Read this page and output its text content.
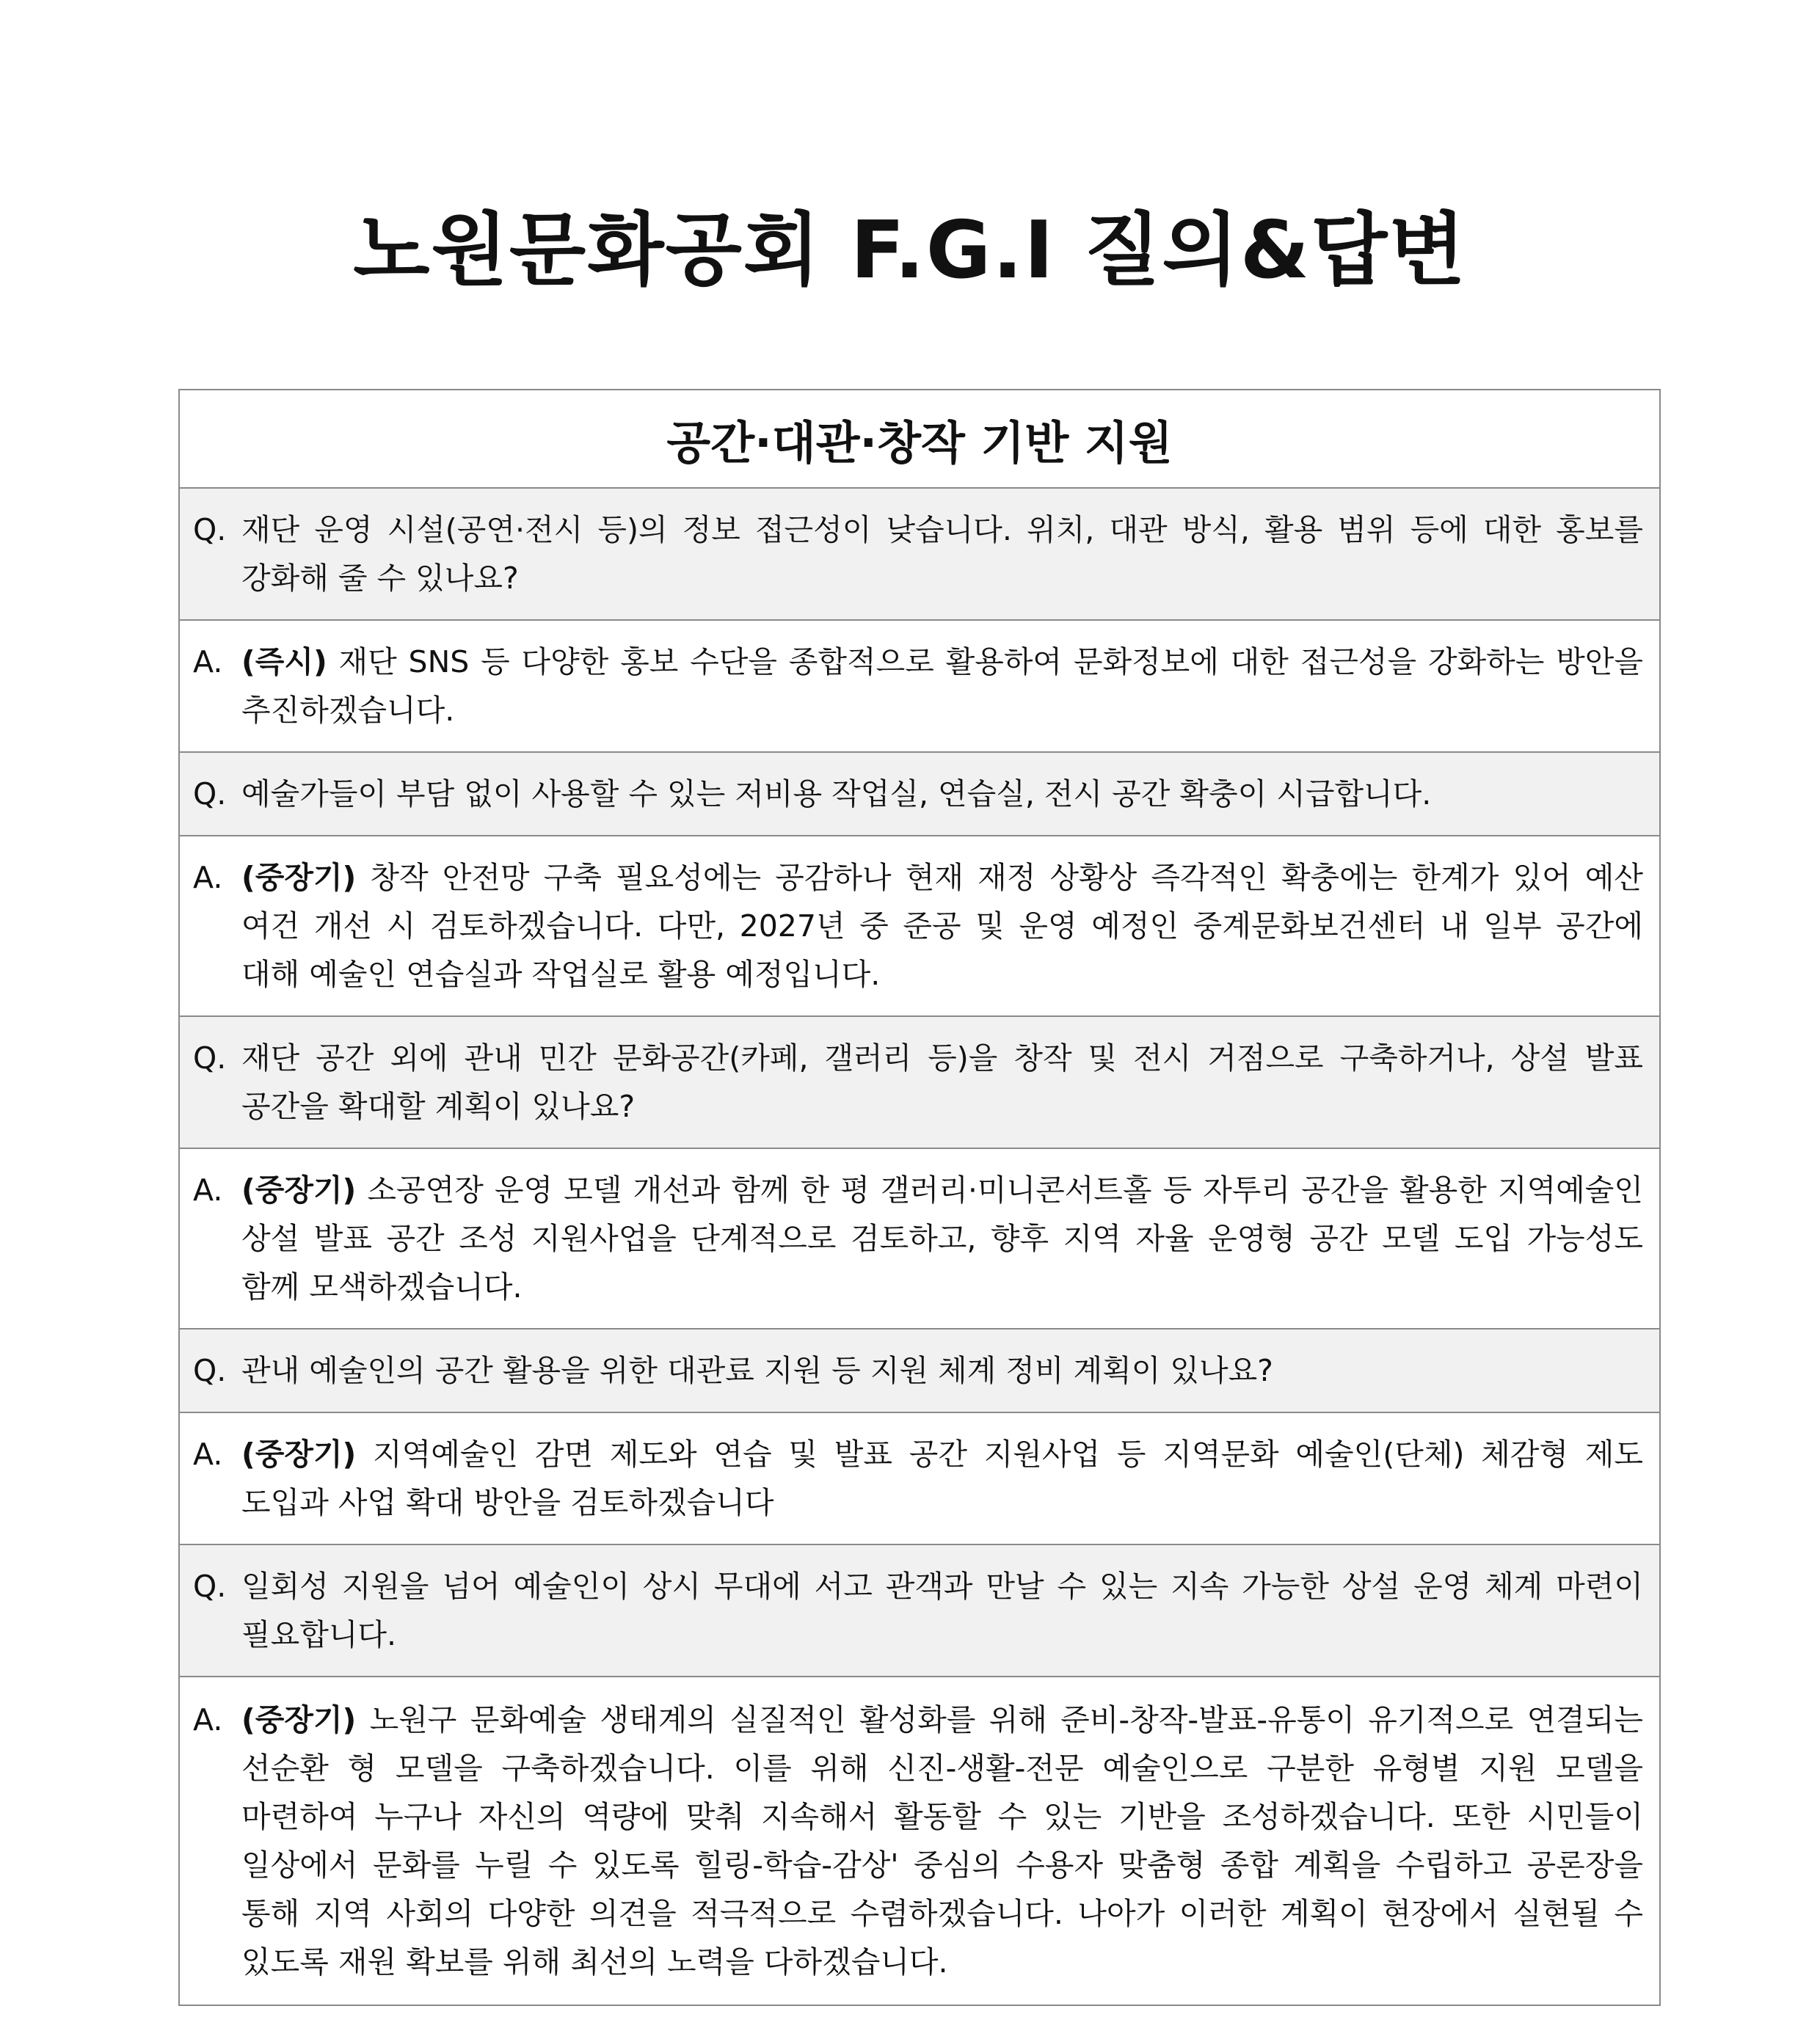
노원문화공회 F.G.I 질의&답변
공간·대관·창작 기반 지원
Q. 재단 운영 시설(공연·전시 등)의 정보 접근성이 낮습니다. 위치, 대관 방식, 활용 범위 등에 대한 홍보를 강화해 줄 수 있나요?
A. (즉시) 재단 SNS 등 다양한 홍보 수단을 종합적으로 활용하여 문화정보에 대한 접근성을 강화하는 방안을 추진하겠습니다.
Q. 예술가들이 부담 없이 사용할 수 있는 저비용 작업실, 연습실, 전시 공간 확충이 시급합니다.
A. (중장기) 창작 안전망 구축 필요성에는 공감하나 현재 재정 상황상 즉각적인 확충에는 한계가 있어 예산 여건 개선 시 검토하겠습니다. 다만, 2027년 중 준공 및 운영 예정인 중계문화보건센터 내 일부 공간에 대해 예술인 연습실과 작업실로 활용 예정입니다.
Q. 재단 공간 외에 관내 민간 문화공간(카페, 갤러리 등)을 창작 및 전시 거점으로 구축하거나, 상설 발표 공간을 확대할 계획이 있나요?
A. (중장기) 소공연장 운영 모델 개선과 함께 한 평 갤러리·미니콘서트홀 등 자투리 공간을 활용한 지역예술인 상설 발표 공간 조성 지원사업을 단계적으로 검토하고, 향후 지역 자율 운영형 공간 모델 도입 가능성도 함께 모색하겠습니다.
Q. 관내 예술인의 공간 활용을 위한 대관료 지원 등 지원 체계 정비 계획이 있나요?
A. (중장기) 지역예술인 감면 제도와 연습 및 발표 공간 지원사업 등 지역문화 예술인(단체) 체감형 제도 도입과 사업 확대 방안을 검토하겠습니다
Q. 일회성 지원을 넘어 예술인이 상시 무대에 서고 관객과 만날 수 있는 지속 가능한 상설 운영 체계 마련이 필요합니다.
A. (중장기) 노원구 문화예술 생태계의 실질적인 활성화를 위해 준비-창작-발표-유통이 유기적으로 연결되는 선순환 형 모델을 구축하겠습니다. 이를 위해 신진-생활-전문 예술인으로 구분한 유형별 지원 모델을 마련하여 누구나 자신의 역량에 맞춰 지속해서 활동할 수 있는 기반을 조성하겠습니다. 또한 시민들이 일상에서 문화를 누릴 수 있도록 힐링-학습-감상' 중심의 수용자 맞춤형 종합 계획을 수립하고 공론장을 통해 지역 사회의 다양한 의견을 적극적으로 수렴하겠습니다. 나아가 이러한 계획이 현장에서 실현될 수 있도록 재원 확보를 위해 최선의 노력을 다하겠습니다.
